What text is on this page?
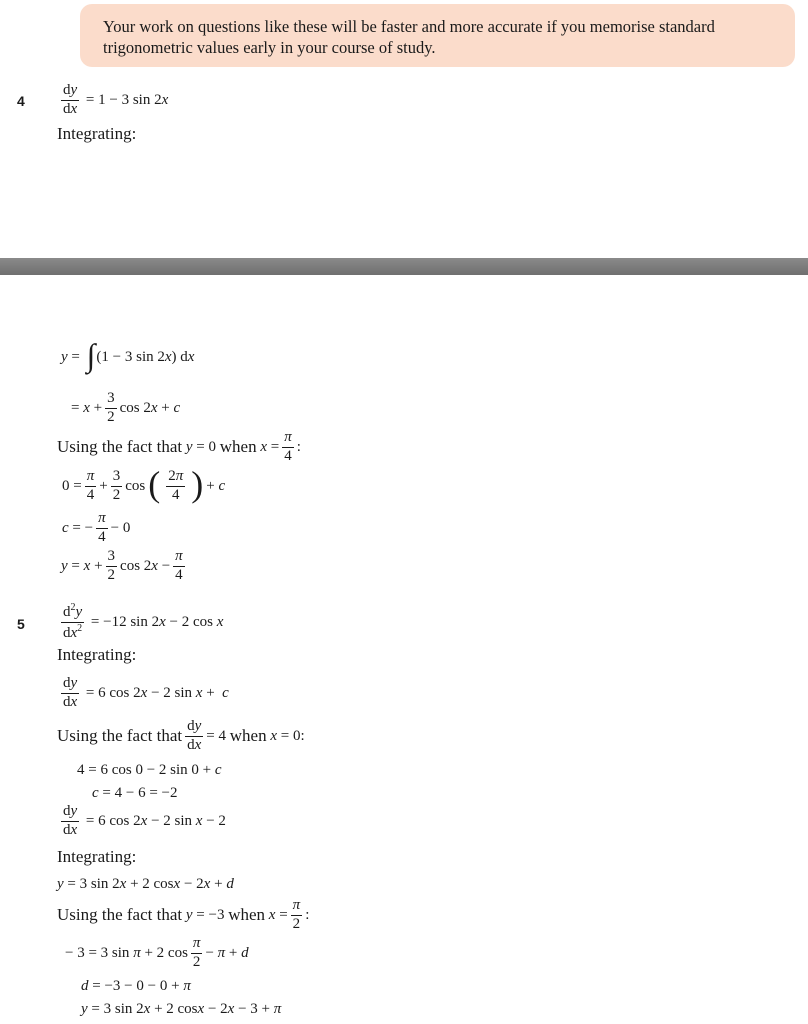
Your work on questions like these will be faster and more accurate if you memorise standard
trigonometric values early in your course of study.
$4 \frac{dy}{dx} = 1 - 3$ sin 2x
Integrating:
y = ∫ (1 − 3 sin 2 x ) d x
= $x + \frac{3}{2}$ cos 2 x + c
Using the fact that
y = 0 when
$x = \frac{\pi}{4}$ :
$0 = \frac{\pi}{4} + \frac{3}{2}$ cos ( $\frac{2\pi}{4}$ ) + c
c = − $\frac{\pi}{4} - 0$
$y = x + \frac{3}{2}$ cos 2 $x - \frac{\pi}{4}$
$5 \frac{d^2y}{dx^2} = -12$ sin 2x − 2 cos x
Integrating:
$\frac{dy}{dx} = 6$ cos 2x − 2 sin x +  c
Using the fact that $\frac{dy}{dx} = 4$ when
x = 0:
4 = 6 cos 0 − 2 sin 0 + c
c = 4 − 6 = −2
$\frac{dy}{dx} = 6$ cos 2x − 2 sin x − 2
Integrating:
y = 3 sin 2 x + 2 cos x − 2 x + d
Using the fact that
y = −3 when
$x = \frac{\pi}{2}$ :
− 3 = 3 sin π + 2 $\cos \frac{\pi}{2} - \pi + d$
d = −3 − 0 − 0 + π
y = 3 sin 2 x + 2 cos x − 2 x − 3 + π
